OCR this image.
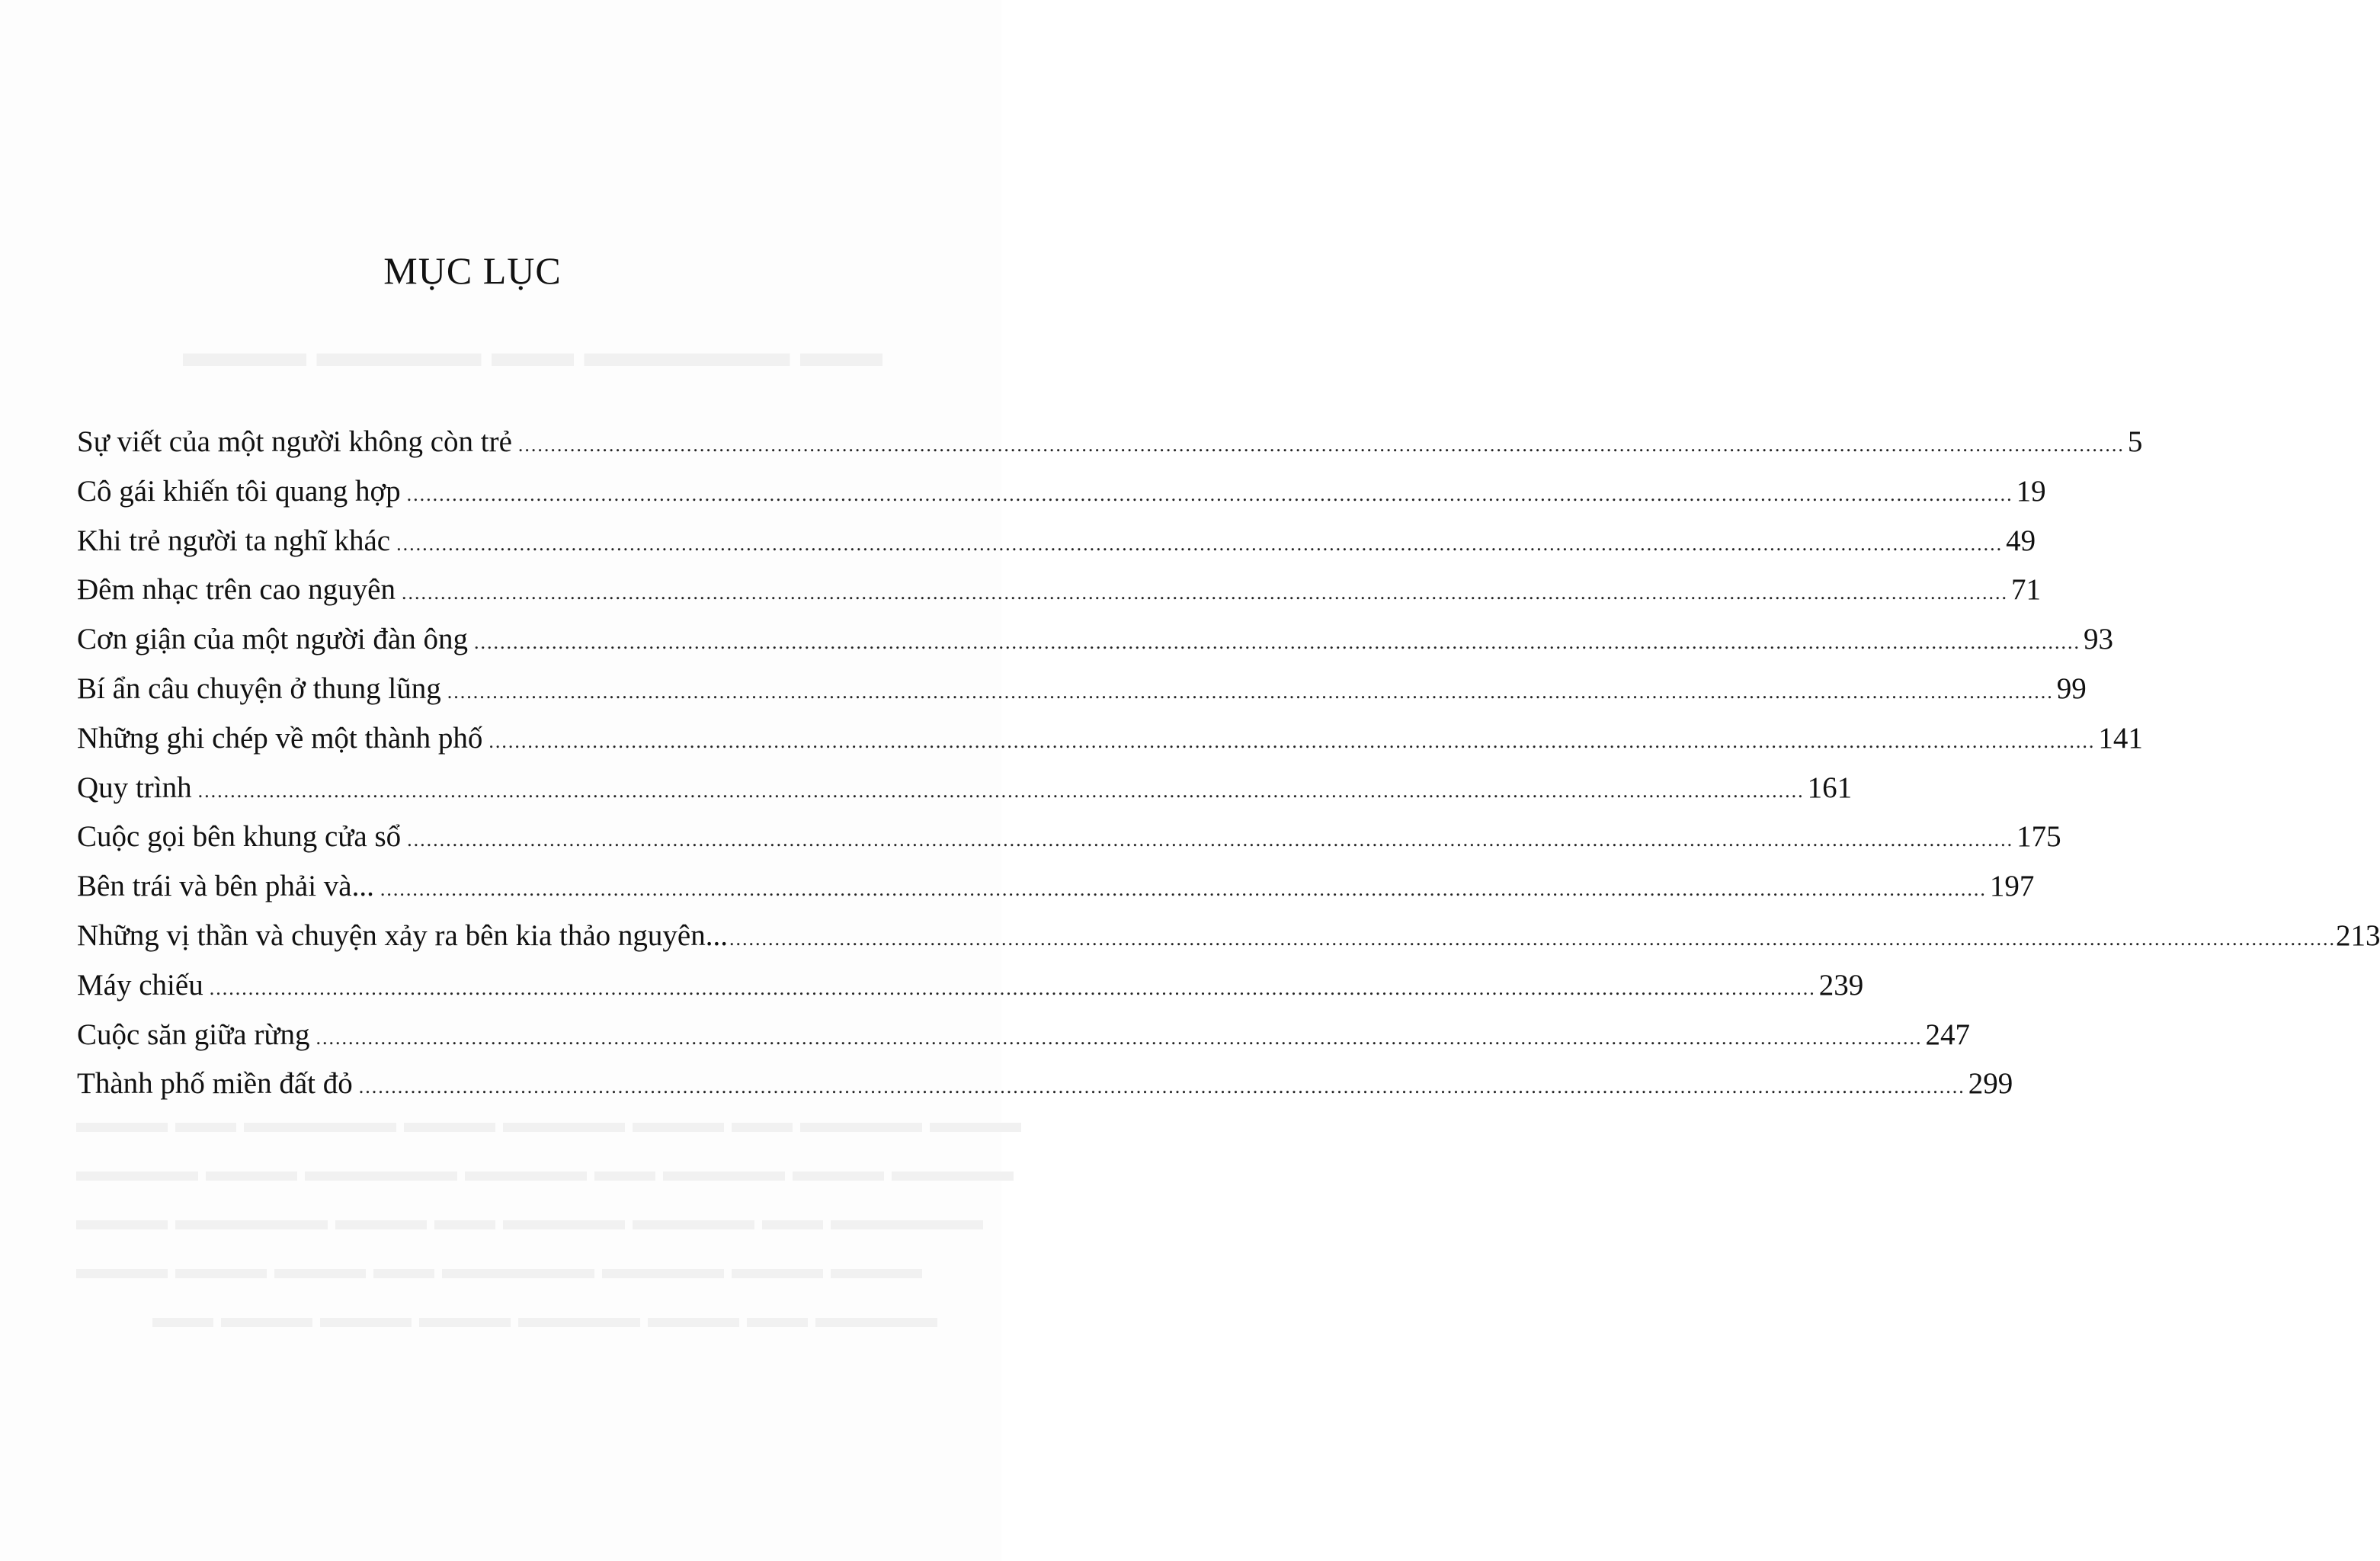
▬▬▬ ▬▬▬▬ ▬▬ ▬▬▬▬▬ ▬▬
▬▬▬ ▬▬ ▬▬▬▬▬ ▬▬▬ ▬▬▬▬ ▬▬▬ ▬▬ ▬▬▬▬ ▬▬▬
▬▬▬▬ ▬▬▬ ▬▬▬▬▬ ▬▬▬▬ ▬▬ ▬▬▬▬ ▬▬▬ ▬▬▬▬
▬▬▬ ▬▬▬▬▬ ▬▬▬ ▬▬ ▬▬▬▬ ▬▬▬▬ ▬▬ ▬▬▬▬▬
▬▬▬ ▬▬▬ ▬▬▬ ▬▬ ▬▬▬▬▬ ▬▬▬▬ ▬▬▬ ▬▬▬
▬▬ ▬▬▬ ▬▬▬ ▬▬▬ ▬▬▬▬ ▬▬▬ ▬▬ ▬▬▬▬
MỤC LỤC
Sự viết của một người không còn trẻ .....	5
Cô gái khiến tôi quang hợp .....	19
Khi trẻ người ta nghĩ khác .....	49
Đêm nhạc trên cao nguyên .....	71
Cơn giận của một người đàn ông .....	93
Bí ẩn câu chuyện ở thung lũng .....	99
Những ghi chép về một thành phố .....	141
Quy trình .....	161
Cuộc gọi bên khung cửa sổ .....	175
Bên trái và bên phải và... .....	197
Những vị thần và chuyện xảy ra bên kia thảo nguyên... .....	213
Máy chiếu .....	239
Cuộc săn giữa rừng .....	247
Thành phố miền đất đỏ .....	299
